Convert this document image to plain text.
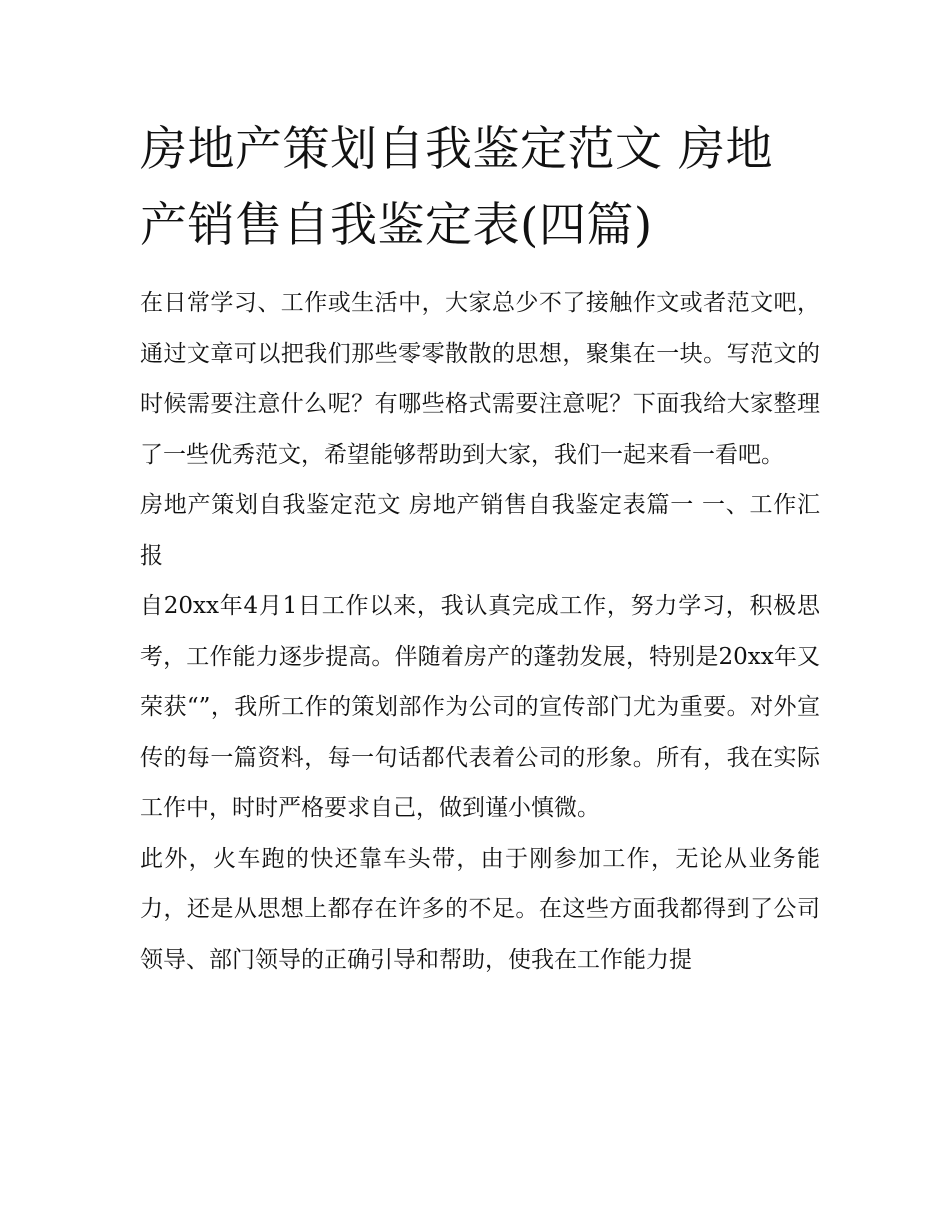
房地产策划自我鉴定范文 房地产销售自我鉴定表(四篇)

在日常学习、工作或生活中，大家总少不了接触作文或者范文吧，通过文章可以把我们那些零零散散的思想，聚集在一块。写范文的时候需要注意什么呢？有哪些格式需要注意呢？下面我给大家整理了一些优秀范文，希望能够帮助到大家，我们一起来看一看吧。

房地产策划自我鉴定范文 房地产销售自我鉴定表篇一 一、工作汇报

自20xx年4月1日工作以来，我认真完成工作，努力学习，积极思考，工作能力逐步提高。伴随着房产的蓬勃发展，特别是20xx年又荣获“”，我所工作的策划部作为公司的宣传部门尤为重要。对外宣传的每一篇资料，每一句话都代表着公司的形象。所有，我在实际工作中，时时严格要求自己，做到谨小慎微。

此外，火车跑的快还靠车头带，由于刚参加工作，无论从业务能力，还是从思想上都存在许多的不足。在这些方面我都得到了公司领导、部门领导的正确引导和帮助，使我在工作能力提
